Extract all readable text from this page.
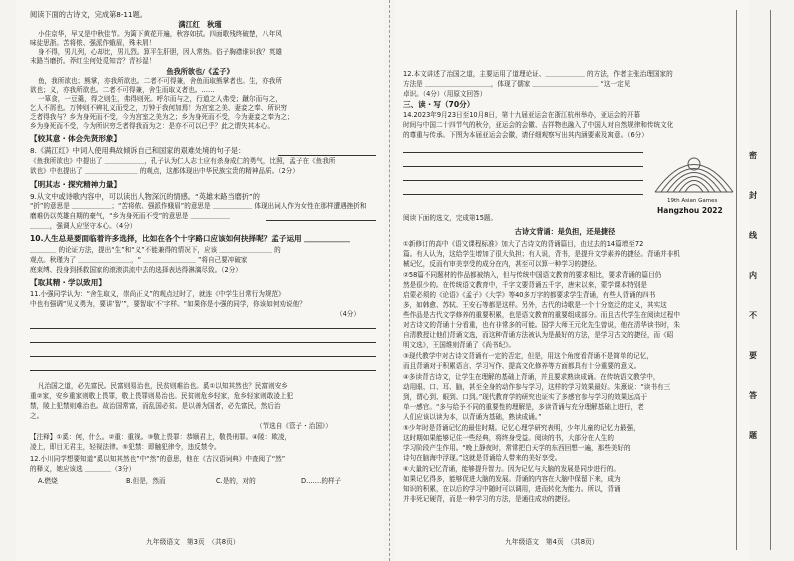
阅读下面的古诗文，完成第8-11题。
满江红　秋瑾
小住京华，早又是中秋佳节。为篱下黄花开遍，秋容如拭。四面歌残终破楚，八年风
味徒思浙。苦将侬、强派作蛾眉，殊未屑！
身不得，男儿列，心却比，男儿烈。算平生肝胆，因人常热。俗子胸襟谁识我？英雄
末路当磨折。莽红尘何处觅知音？青衫湿！
鱼我所欲也/《孟子》
鱼，我所欲也；熊掌，亦我所欲也。二者不可得兼，舍鱼而取熊掌者也。生，亦我所
欲也；义，亦我所欲也。二者不可得兼，舍生而取义者也。……
一箪食，一豆羹，得之则生，弗得则死。呼尔而与之，行道之人弗受；蹴尔而与之，
乞人不屑也。万钟则不辨礼义而受之，万钟于我何加焉！为宫室之美、妻妾之奉、所识穷
乏者得我与？乡为身死而不受，今为宫室之美为之；乡为身死而不受，今为妻妾之奉为之；
乡为身死而不受，今为所识穷乏者得我而为之：是亦不可以已乎？此之谓失其本心。
【较其意・体会先贤形象】
8.《满江红》中词人使用典故倾诉自己和国家的艰难处境的句子是：
《鱼我所欲也》中提出了 ＿＿＿＿＿＿，孔子认为仁人志士应有杀身成仁的勇气，比照，孟子在《鱼我所
欲也》中也提出了 ＿＿＿＿＿＿＿＿ 的观点，这都体现出中华民族宝贵的精神品质。（2分）
【明其志・探究精神力量】
9.从文中或诗歌内容中，可以读出人物深沉的情感。“英雄末路当磨折”的
“折”的意思是 ＿＿＿＿＿＿；“苦将侬、强派作蛾眉”的意思是 ＿＿＿＿＿＿ 体现出词人作为女性在那样遭遇挫折和
磨难仍以英雄自期的豪气，“乡为身死而不受”的意思是 ＿＿＿＿＿＿
＿＿＿，强调人应坚守本心。（4分）
10.人生总是要面临着许多选择，比如在各个十字路口应该如何抉择呢？孟子运用 ＿＿＿＿＿＿
＿＿＿＿ 的论证方法，提出“生”和“义”不能兼得的情况下，应该 ＿＿＿＿＿＿＿＿ 的
观点。秋瑾为了 ＿＿＿＿＿＿＿＿，“ ＿＿＿＿＿＿＿＿ ”将自己要冲破家
庭束缚、投身到拯救国家的滚滚洪流中去的选择表达得淋漓尽致。（2分）
【取其精・学以致用】
11.小强同学认为：“舍生取义，崇尚正义”的观点过时了，就连《中学生日常行为规范》
中也有强调“见义勇为，要讲’智’”，要智取‘不’字样。“如果你是小强的同学，你该如何劝说他？
（4分）
凡治国之道，必先富民。民富则易治也，民贫则难治也。奚①以知其然也？民富则安乡
重②家，安乡重家则敬上畏罪，敬上畏罪则易治也。民贫则危乡轻家，危乡轻家则敢凌上犯
禁，陵上犯禁则难治也。故治国常富，而乱国必贫。是以善为国者，必先富民，然后治
之。
（节选自《管子・治国》）
【注释】①奚：何，什么。②重：重视。③敬上畏罪：恭顺君上，敬畏刑罪。④陵：欺凌，
凌上，即目无君主，轻视法律。⑤犯禁：即触犯律令，违反禁令。
12.小川同学想要知道“奚以知其然也”中“然”的意思，他在《古汉语词典》中查阅了“然”
的释义，她应该选 ＿＿＿＿（3分）
A.燃烧	B.但是，然而	C.是的，对的	D.……的样子
九年级语文　第3页　（共8页）
12.本文讲述了治国之道，主要运用了道理论证、＿＿＿＿＿＿ 的方法，作者主张治理国家的
方法是 ＿＿＿＿＿＿＿＿＿＿，体现了儒家 ＿＿＿＿＿＿＿＿＿＿ “这一定见
卓识。（4分）（用原文回答）
三、读・写（70分）
14.2023年9月23日至10月8日，第十九届亚运会在浙江杭州举办，亚运会的开幕
时间与中国二十四节气的秋分，亚运会的会徽、吉祥物也融入了中国人对自然规律和传统文化
的尊重与传承。下图为本届亚运会会徽，请仔细观察写出其内涵要素及寓意。（6分）
19th Asian Games
Hangzhou 2022
阅读下面的选文，完成第15题。
古诗文背诵：是负担，还是捷径
①新修订的高中《语文课程标准》加大了古诗文的背诵篇目，由过去的14篇增至72
篇。有人认为，这给学生增加了很大负担；有人说，背书，是提升文学素养的捷径。背诵并非机
械记忆，反而有审美享受的成分在内，甚至可以算一种学习的捷径。
②58篇不同题材的作品都被纳入，但与传统中国语文教育的要求相比，要求背诵的篇目仍
然是很少的。在传统语文教育中，千字文要背诵五千字，唐宋以来，蒙学课本特别是
启蒙必须的《论语》《孟子》《大学》等40多万字的都要求学生背诵，有些人背诵的四书
多，如韩愈、苏轼、王安石等都是这样。另外，古代的诗歌是一个十分宽泛的定义，其实这
些作品是古代文学修养的重要积累，也是语文教育的重要组成部分。而且古代学生在阅读过程中
对古诗文的背诵十分看重，也有非常多的可能。国学大师王元化先生曾说，他在清华读书时，朱
自清教授让他们背诵文选，而这种背诵方法被认为是最好的方法，是学习古文的捷径，而《昭
明文选》，王国维则背诵了《尚书纪》。
③现代教学中对古诗文背诵有一定的否定，但是，用这个角度看背诵不是简单的记忆，
而且背诵对于积累语言、学习写作、提高文化修养等方面都具有十分重要的意义。
④多读背古诗文，让学生在理解的基础上背诵，并且要求熟读成诵。在传统语文教学中，
动用眼、口、耳、脑，甚至全身的动作参与学习，这样的学习效果最好。朱熹说：“读书有三
到，谓心到、眼到、口到。”现代教育学的研究也证实了多感官参与学习的效果远高于
单一感官。“多与给予不同的重要性的理解是，多读背诵与充分理解基础上进行，老
人们应该以读为本，以背诵为基础，熟读成诵。”
⑤少年时是背诵记忆的最佳时期。记忆心理学研究表明，少年儿童的记忆力最强，
这时期如果能够记住一些经典，将终身受益。阅读的书，大部分在人生的
学习阶段产生作用。“晚上静夜时，常常把白天学的东西回想一遍，那些美好的
诗句在脑海中浮现。”这就是背诵给人带来的美好享受。
⑥大量的记忆背诵，能够提升智力。因为记忆与大脑的发展是同步进行的。
如果记忆得多，能够促进大脑的发展。背诵的内容在大脑中保留下来，成为
知识的积累，在以后的学习中随时可以调用，进而转化为能力。所以，背诵
并非死记硬背，而是一种学习的方法，是通往成功的捷径。
九年级语文　第4页　（共8页）
密
封
线
内
不
要
答
题
